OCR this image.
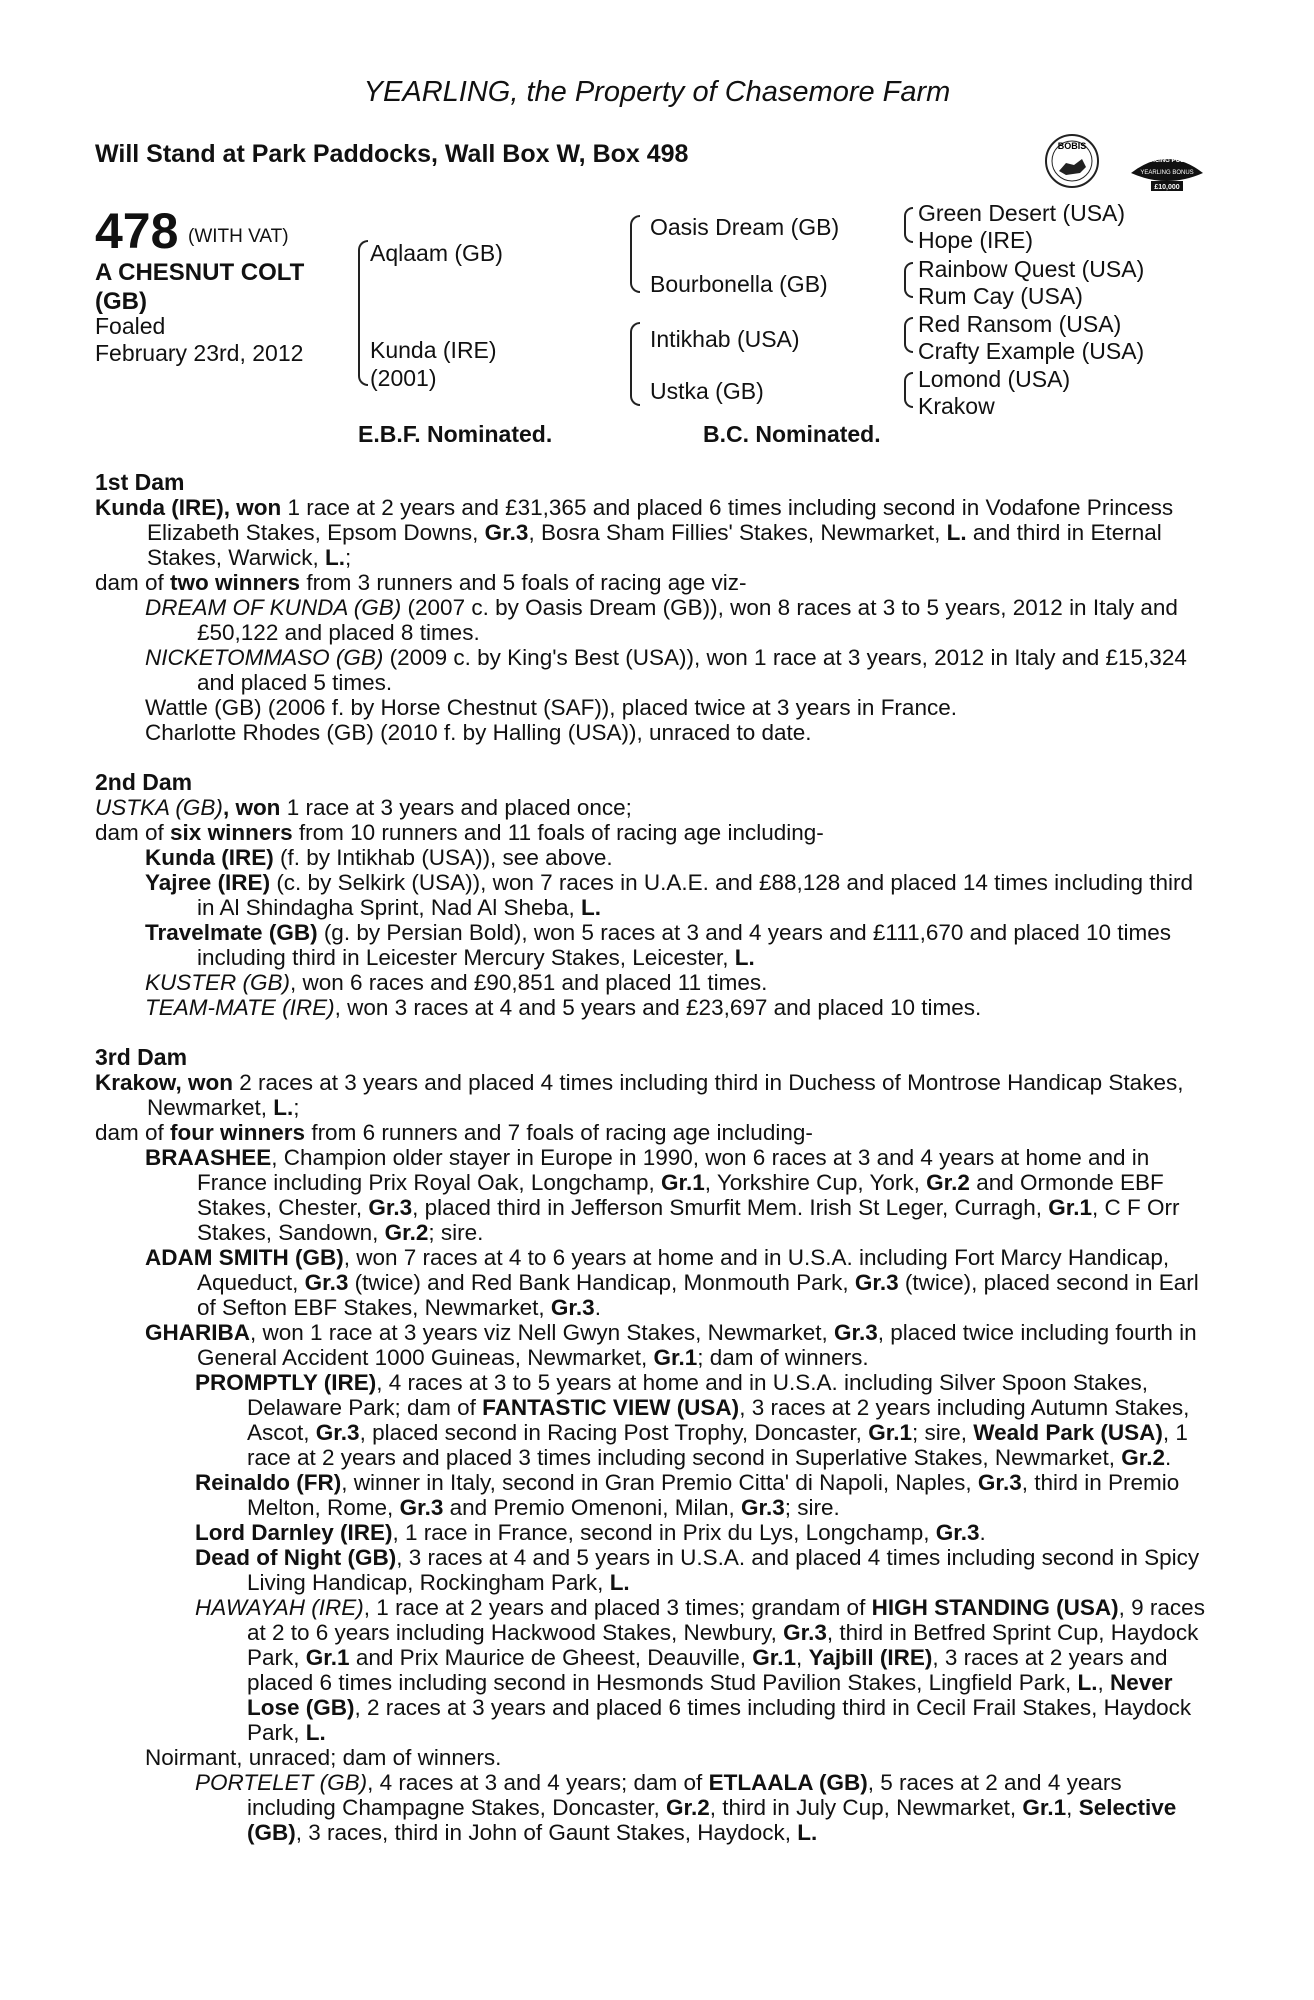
YEARLING, the Property of Chasemore Farm
Will Stand at Park Paddocks, Wall Box W, Box 498	BOBIS
RACING POST
YEARLING BONUS
£10,000
478 (WITH VAT)
A CHESNUT COLT
(GB)
Foaled
February 23rd, 2012
Aqlaam (GB)
Kunda (IRE)
(2001)
Oasis Dream (GB)
Bourbonella (GB)
Intikhab (USA)
Ustka (GB)
Green Desert (USA)
Hope (IRE)
Rainbow Quest (USA)
Rum Cay (USA)
Red Ransom (USA)
Crafty Example (USA)
Lomond (USA)
Krakow
E.B.F. Nominated.	B.C. Nominated.
1st Dam
Kunda (IRE), won 1 race at 2 years and £31,365 and placed 6 times including second in Vodafone Princess Elizabeth Stakes, Epsom Downs, Gr.3, Bosra Sham Fillies' Stakes, Newmarket, L. and third in Eternal Stakes, Warwick, L.;
dam of two winners from 3 runners and 5 foals of racing age viz-
DREAM OF KUNDA (GB) (2007 c. by Oasis Dream (GB)), won 8 races at 3 to 5 years, 2012 in Italy and £50,122 and placed 8 times.
NICKETOMMASO (GB) (2009 c. by King's Best (USA)), won 1 race at 3 years, 2012 in Italy and £15,324 and placed 5 times.
Wattle (GB) (2006 f. by Horse Chestnut (SAF)), placed twice at 3 years in France.
Charlotte Rhodes (GB) (2010 f. by Halling (USA)), unraced to date.
2nd Dam
USTKA (GB), won 1 race at 3 years and placed once;
dam of six winners from 10 runners and 11 foals of racing age including-
Kunda (IRE) (f. by Intikhab (USA)), see above.
Yajree (IRE) (c. by Selkirk (USA)), won 7 races in U.A.E. and £88,128 and placed 14 times including third in Al Shindagha Sprint, Nad Al Sheba, L.
Travelmate (GB) (g. by Persian Bold), won 5 races at 3 and 4 years and £111,670 and placed 10 times including third in Leicester Mercury Stakes, Leicester, L.
KUSTER (GB), won 6 races and £90,851 and placed 11 times.
TEAM-MATE (IRE), won 3 races at 4 and 5 years and £23,697 and placed 10 times.
3rd Dam
Krakow, won 2 races at 3 years and placed 4 times including third in Duchess of Montrose Handicap Stakes, Newmarket, L.;
dam of four winners from 6 runners and 7 foals of racing age including-
BRAASHEE, Champion older stayer in Europe in 1990, won 6 races at 3 and 4 years at home and in France including Prix Royal Oak, Longchamp, Gr.1, Yorkshire Cup, York, Gr.2 and Ormonde EBF Stakes, Chester, Gr.3, placed third in Jefferson Smurfit Mem. Irish St Leger, Curragh, Gr.1, C F Orr Stakes, Sandown, Gr.2; sire.
ADAM SMITH (GB), won 7 races at 4 to 6 years at home and in U.S.A. including Fort Marcy Handicap, Aqueduct, Gr.3 (twice) and Red Bank Handicap, Monmouth Park, Gr.3 (twice), placed second in Earl of Sefton EBF Stakes, Newmarket, Gr.3.
GHARIBA, won 1 race at 3 years viz Nell Gwyn Stakes, Newmarket, Gr.3, placed twice including fourth in General Accident 1000 Guineas, Newmarket, Gr.1; dam of winners.
PROMPTLY (IRE), 4 races at 3 to 5 years at home and in U.S.A. including Silver Spoon Stakes, Delaware Park; dam of FANTASTIC VIEW (USA), 3 races at 2 years including Autumn Stakes, Ascot, Gr.3, placed second in Racing Post Trophy, Doncaster, Gr.1; sire, Weald Park (USA), 1 race at 2 years and placed 3 times including second in Superlative Stakes, Newmarket, Gr.2.
Reinaldo (FR), winner in Italy, second in Gran Premio Citta' di Napoli, Naples, Gr.3, third in Premio Melton, Rome, Gr.3 and Premio Omenoni, Milan, Gr.3; sire.
Lord Darnley (IRE), 1 race in France, second in Prix du Lys, Longchamp, Gr.3.
Dead of Night (GB), 3 races at 4 and 5 years in U.S.A. and placed 4 times including second in Spicy Living Handicap, Rockingham Park, L.
HAWAYAH (IRE), 1 race at 2 years and placed 3 times; grandam of HIGH STANDING (USA), 9 races at 2 to 6 years including Hackwood Stakes, Newbury, Gr.3, third in Betfred Sprint Cup, Haydock Park, Gr.1 and Prix Maurice de Gheest, Deauville, Gr.1, Yajbill (IRE), 3 races at 2 years and placed 6 times including second in Hesmonds Stud Pavilion Stakes, Lingfield Park, L., Never Lose (GB), 2 races at 3 years and placed 6 times including third in Cecil Frail Stakes, Haydock Park, L.
Noirmant, unraced; dam of winners.
PORTELET (GB), 4 races at 3 and 4 years; dam of ETLAALA (GB), 5 races at 2 and 4 years including Champagne Stakes, Doncaster, Gr.2, third in July Cup, Newmarket, Gr.1, Selective (GB), 3 races, third in John of Gaunt Stakes, Haydock, L.
